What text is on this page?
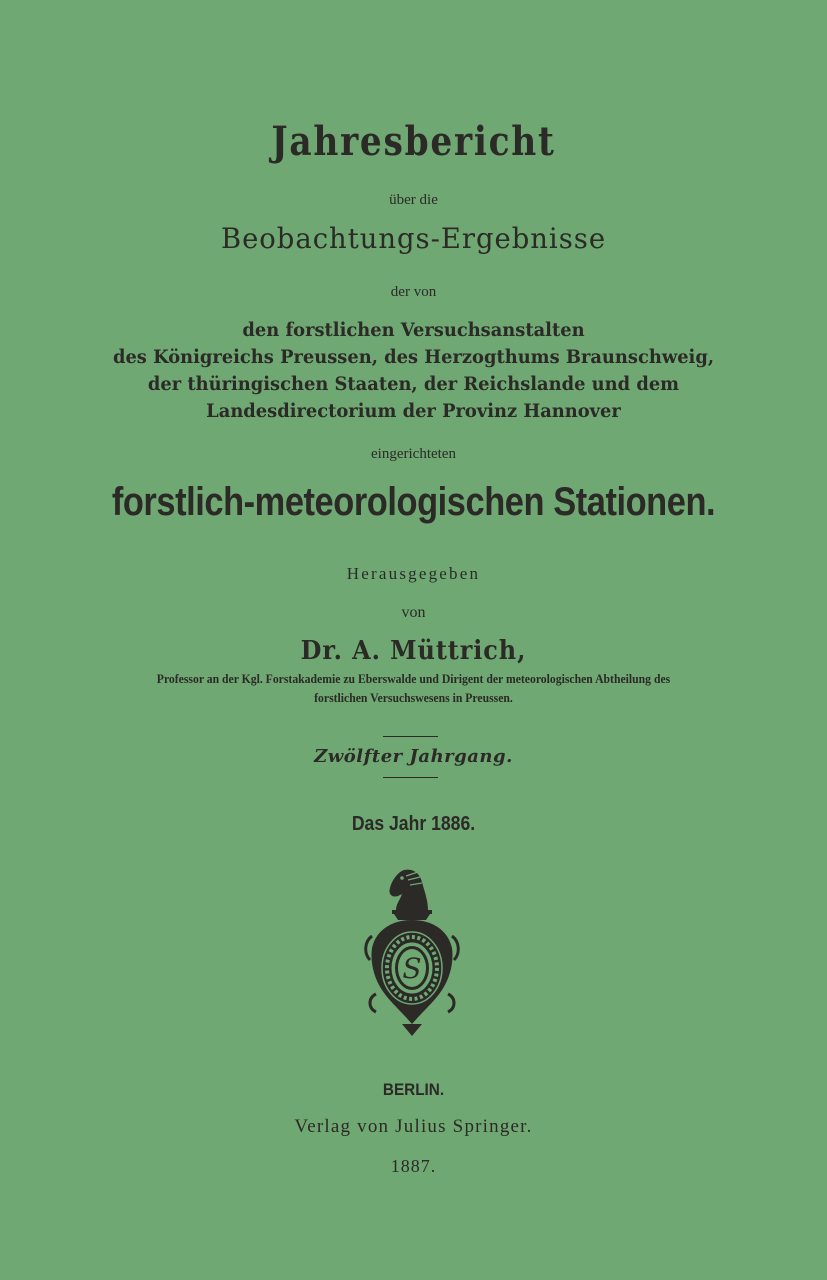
Jahresbericht

über die

Beobachtungs-Ergebnisse

der von

den forstlichen Versuchsanstalten

des Königreichs Preussen, des Herzogthums Braunschweig,

der thüringischen Staaten, der Reichslande und dem

Landesdirectorium der Provinz Hannover

eingerichteten

forstlich-meteorologischen Stationen.

Herausgegeben

von

Dr. A. Müttrich,

Professor an der Kgl. Forstakademie zu Eberswalde und Dirigent der meteorologischen Abtheilung des

forstlichen Versuchswesens in Preussen.

Zwölfter Jahrgang.

Das Jahr 1886.

S

BERLIN.

Verlag von Julius Springer.

1887.
